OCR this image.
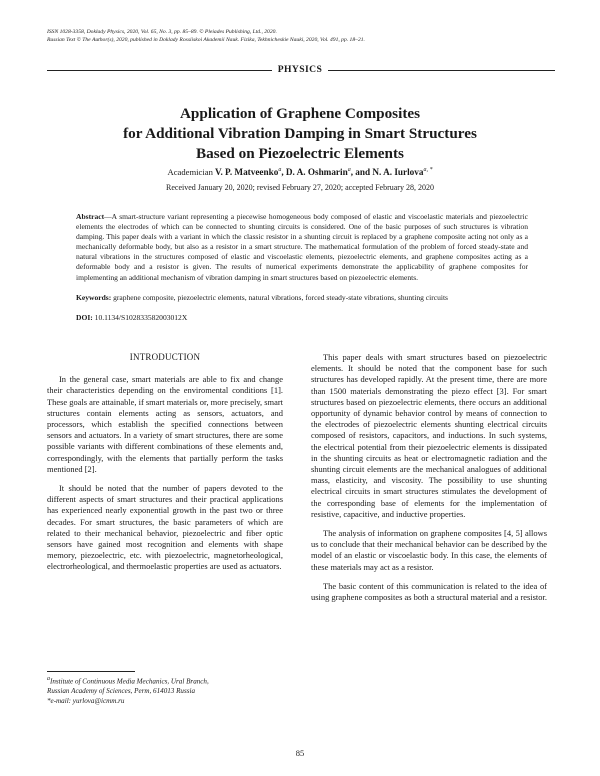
ISSN 1028-3358, Doklady Physics, 2020, Vol. 65, No. 3, pp. 85–89. © Pleiades Publishing, Ltd., 2020.
Russian Text © The Author(s), 2020, published in Doklady Rossiiskoi Akademii Nauk. Fizika, Tekhnicheskie Nauki, 2020, Vol. 491, pp. 18–21.
PHYSICS
Application of Graphene Composites
for Additional Vibration Damping in Smart Structures
Based on Piezoelectric Elements
Academician V. P. Matveenko$^a$, D. A. Oshmarin$^a$, and N. A. Iurlova$^{a, *}$
Received January 20, 2020; revised February 27, 2020; accepted February 28, 2020
Abstract—A smart-structure variant representing a piecewise homogeneous body composed of elastic and viscoelastic materials and piezoelectric elements the electrodes of which can be connected to shunting circuits is considered. One of the basic purposes of such structures is vibration damping. This paper deals with a variant in which the classic resistor in a shunting circuit is replaced by a graphene composite acting not only as a mechanically deformable body, but also as a resistor in a smart structure. The mathematical formulation of the problem of forced steady-state and natural vibrations in the structures composed of elastic and viscoelastic elements, piezoelectric elements, and graphene composites acting as a deformable body and a resistor is given. The results of numerical experiments demonstrate the applicability of graphene composites for implementing an additional mechanism of vibration damping in smart structures based on piezoelectric elements.
Keywords: graphene composite, piezoelectric elements, natural vibrations, forced steady-state vibrations, shunting circuits
DOI: 10.1134/S102833582003012X
INTRODUCTION

In the general case, smart materials are able to fix and change their characteristics depending on the enviromental conditions [1]. These goals are attainable, if smart materials or, more precisely, smart structures contain elements acting as sensors, actuators, and processors, which establish the specified connections between sensors and actuators. In a variety of smart structures, there are some possible variants with different combinations of these elements and, correspondingly, with the elements that partially perform the tasks mentioned [2].

It should be noted that the number of papers devoted to the different aspects of smart structures and their practical applications has experienced nearly exponential growth in the past two or three decades. For smart structures, the basic parameters of which are related to their mechanical behavior, piezoelectric and fiber optic sensors have gained most recognition and elements with shape memory, piezoelectric, etc. with piezoelectric, magnetorheological, electrorheological, and thermoelastic properties are used as actuators.

This paper deals with smart structures based on piezoelectric elements. It should be noted that the component base for such structures has developed rapidly. At the present time, there are more than 1500 materials demonstrating the piezo effect [3]. For smart structures based on piezoelectric elements, there occurs an additional opportunity of dynamic behavior control by means of connection to the electrodes of piezoelectric elements shunting electrical circuits composed of resistors, capacitors, and inductions. In such systems, the electrical potential from their piezoelectric elements is dissipated in the shunting circuits as heat or electromagnetic radiation and the shunting circuit elements are the mechanical analogues of additional mass, elasticity, and viscosity. The possibility to use shunting electrical circuits in smart structures stimulates the development of the corresponding base of elements for the implementation of resistive, capacitive, and inductive properties.

The analysis of information on graphene composites [4, 5] allows us to conclude that their mechanical behavior can be described by the model of an elastic or viscoelastic body. In this case, the elements of these materials may act as a resistor.

The basic content of this communication is related to the idea of using graphene composites as both a structural material and a resistor.

$^a$Institute of Continuous Media Mechanics, Ural Branch,
Russian Academy of Sciences, Perm, 614013 Russia
*e-mail: yurlova@icmm.ru
85
